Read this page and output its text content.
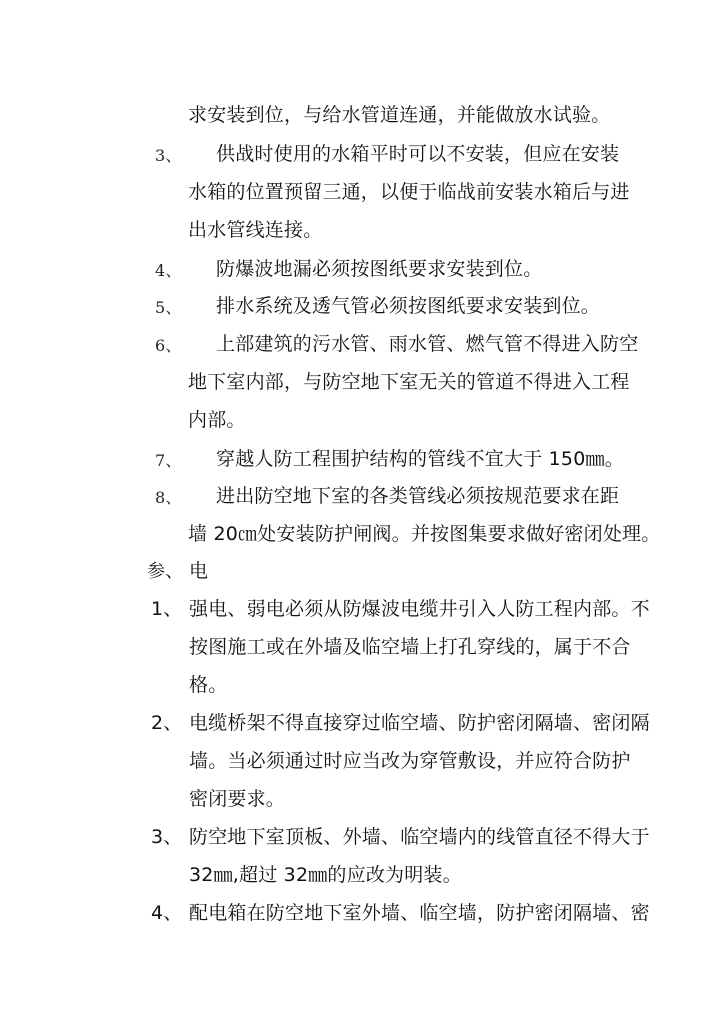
求安装到位，与给水管道连通，并能做放水试验。
3、 供战时使用的水箱平时可以不安装，但应在安装
水箱的位置预留三通，以便于临战前安装水箱后与进
出水管线连接。
4、 防爆波地漏必须按图纸要求安装到位。
5、 排水系统及透气管必须按图纸要求安装到位。
6、 上部建筑的污水管、雨水管、燃气管不得进入防空
地下室内部，与防空地下室无关的管道不得进入工程
内部。
7、 穿越人防工程围护结构的管线不宜大于 150㎜。
8、 进出防空地下室的各类管线必须按规范要求在距
墙 20㎝处安装防护闸阀。并按图集要求做好密闭处理。
参、 电
1、 强电、弱电必须从防爆波电缆井引入人防工程内部。不
按图施工或在外墙及临空墙上打孔穿线的，属于不合
格。
2、 电缆桥架不得直接穿过临空墙、防护密闭隔墙、密闭隔
墙。当必须通过时应当改为穿管敷设，并应符合防护
密闭要求。
3、 防空地下室顶板、外墙、临空墙内的线管直径不得大于
32㎜,超过 32㎜的应改为明装。
4、 配电箱在防空地下室外墙、临空墙，防护密闭隔墙、密
